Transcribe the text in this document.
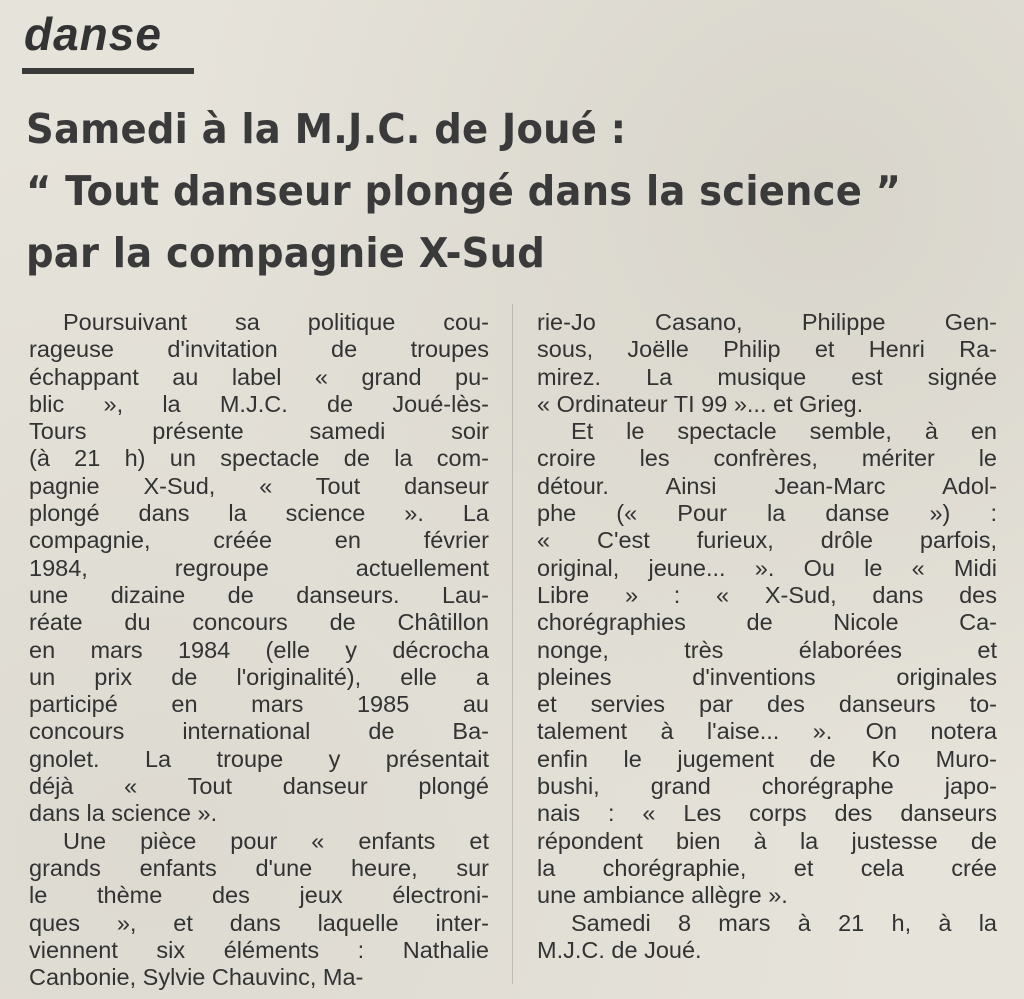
danse
Samedi à la M.J.C. de Joué :
“ Tout danseur plongé dans la science ”
par la compagnie X-Sud

Poursuivant sa politique cou-
rageuse d'invitation de troupes
échappant au label « grand pu-
blic », la M.J.C. de Joué-lès-
Tours présente samedi soir
(à 21 h) un spectacle de la com-
pagnie X-Sud, « Tout danseur
plongé dans la science ». La
compagnie, créée en février
1984, regroupe actuellement
une dizaine de danseurs. Lau-
réate du concours de Châtillon
en mars 1984 (elle y décrocha
un prix de l'originalité), elle a
participé en mars 1985 au
concours international de Ba-
gnolet. La troupe y présentait
déjà « Tout danseur plongé
dans la science ».

Une pièce pour « enfants et
grands enfants d'une heure, sur
le thème des jeux électroni-
ques », et dans laquelle inter-
viennent six éléments : Nathalie
Canbonie, Sylvie Chauvinc, Ma-

rie-Jo Casano, Philippe Gen-
sous, Joëlle Philip et Henri Ra-
mirez. La musique est signée
« Ordinateur TI 99 »... et Grieg.

Et le spectacle semble, à en
croire les confrères, mériter le
détour. Ainsi Jean-Marc Adol-
phe (« Pour la danse ») :
« C'est furieux, drôle parfois,
original, jeune... ». Ou le « Midi
Libre » : « X-Sud, dans des
chorégraphies de Nicole Ca-
nonge, très élaborées et
pleines d'inventions originales
et servies par des danseurs to-
talement à l'aise... ». On notera
enfin le jugement de Ko Muro-
bushi, grand chorégraphe japo-
nais : « Les corps des danseurs
répondent bien à la justesse de
la chorégraphie, et cela crée
une ambiance allègre ».

Samedi 8 mars à 21 h, à la
M.J.C. de Joué.
